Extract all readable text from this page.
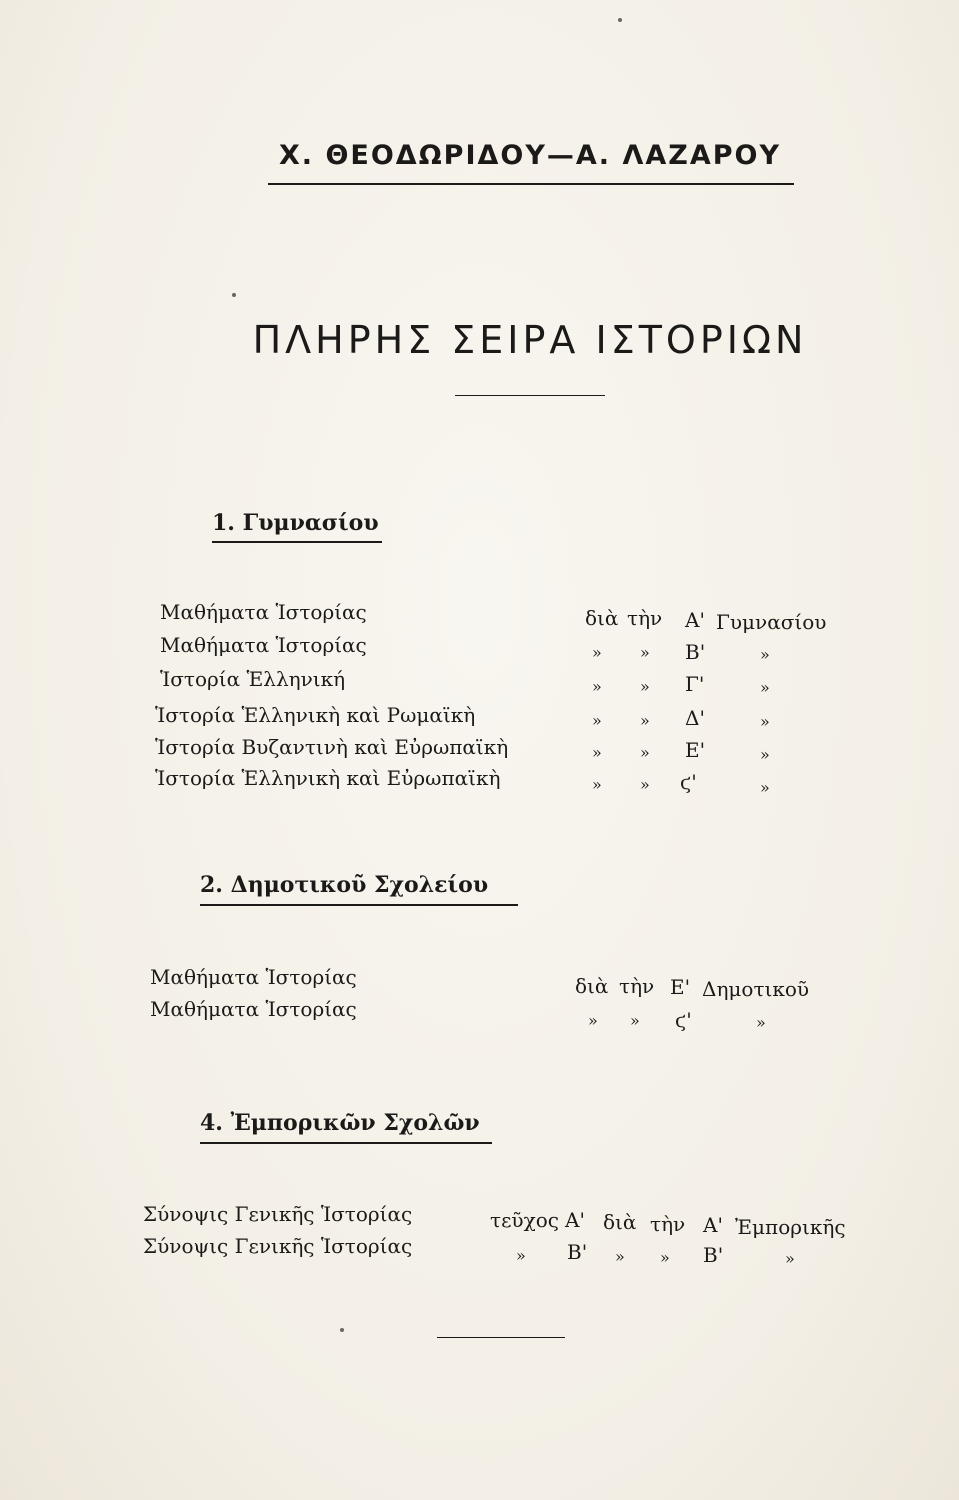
Χ. ΘΕΟΔΩΡΙΔΟΥ—Α. ΛΑΖΑΡΟΥ
ΠΛΗΡΗΣ ΣΕΙΡΑ ΙΣΤΟΡΙΩΝ
1. Γυμνασίου
Μαθήματα Ἱστορίας	διὰ τὴν Α' Γυμνασίου
Μαθήματα Ἱστορίας	» » Β'	»
Ἱστορία Ἑλληνική	» » Γ'	»
Ἱστορία Ἑλληνικὴ καὶ Ρωμαϊκὴ	» » Δ'	»
Ἱστορία Βυζαντινὴ καὶ Εὐρωπαϊκὴ	» » Ε'	»
Ἱστορία Ἑλληνικὴ καὶ Εὐρωπαϊκὴ	» » ϛ'	»
2. Δημοτικοῦ Σχολείου
Μαθήματα Ἱστορίας	διὰ τὴν Ε' Δημοτικοῦ
Μαθήματα Ἱστορίας	» » ϛ'	»
4. Ἐμπορικῶν Σχολῶν
Σύνοψις Γενικῆς Ἱστορίας	τεῦχος Α' διὰ τὴν Α' Ἐμπορικῆς
Σύνοψις Γενικῆς Ἱστορίας	» Β' » » Β'	»
